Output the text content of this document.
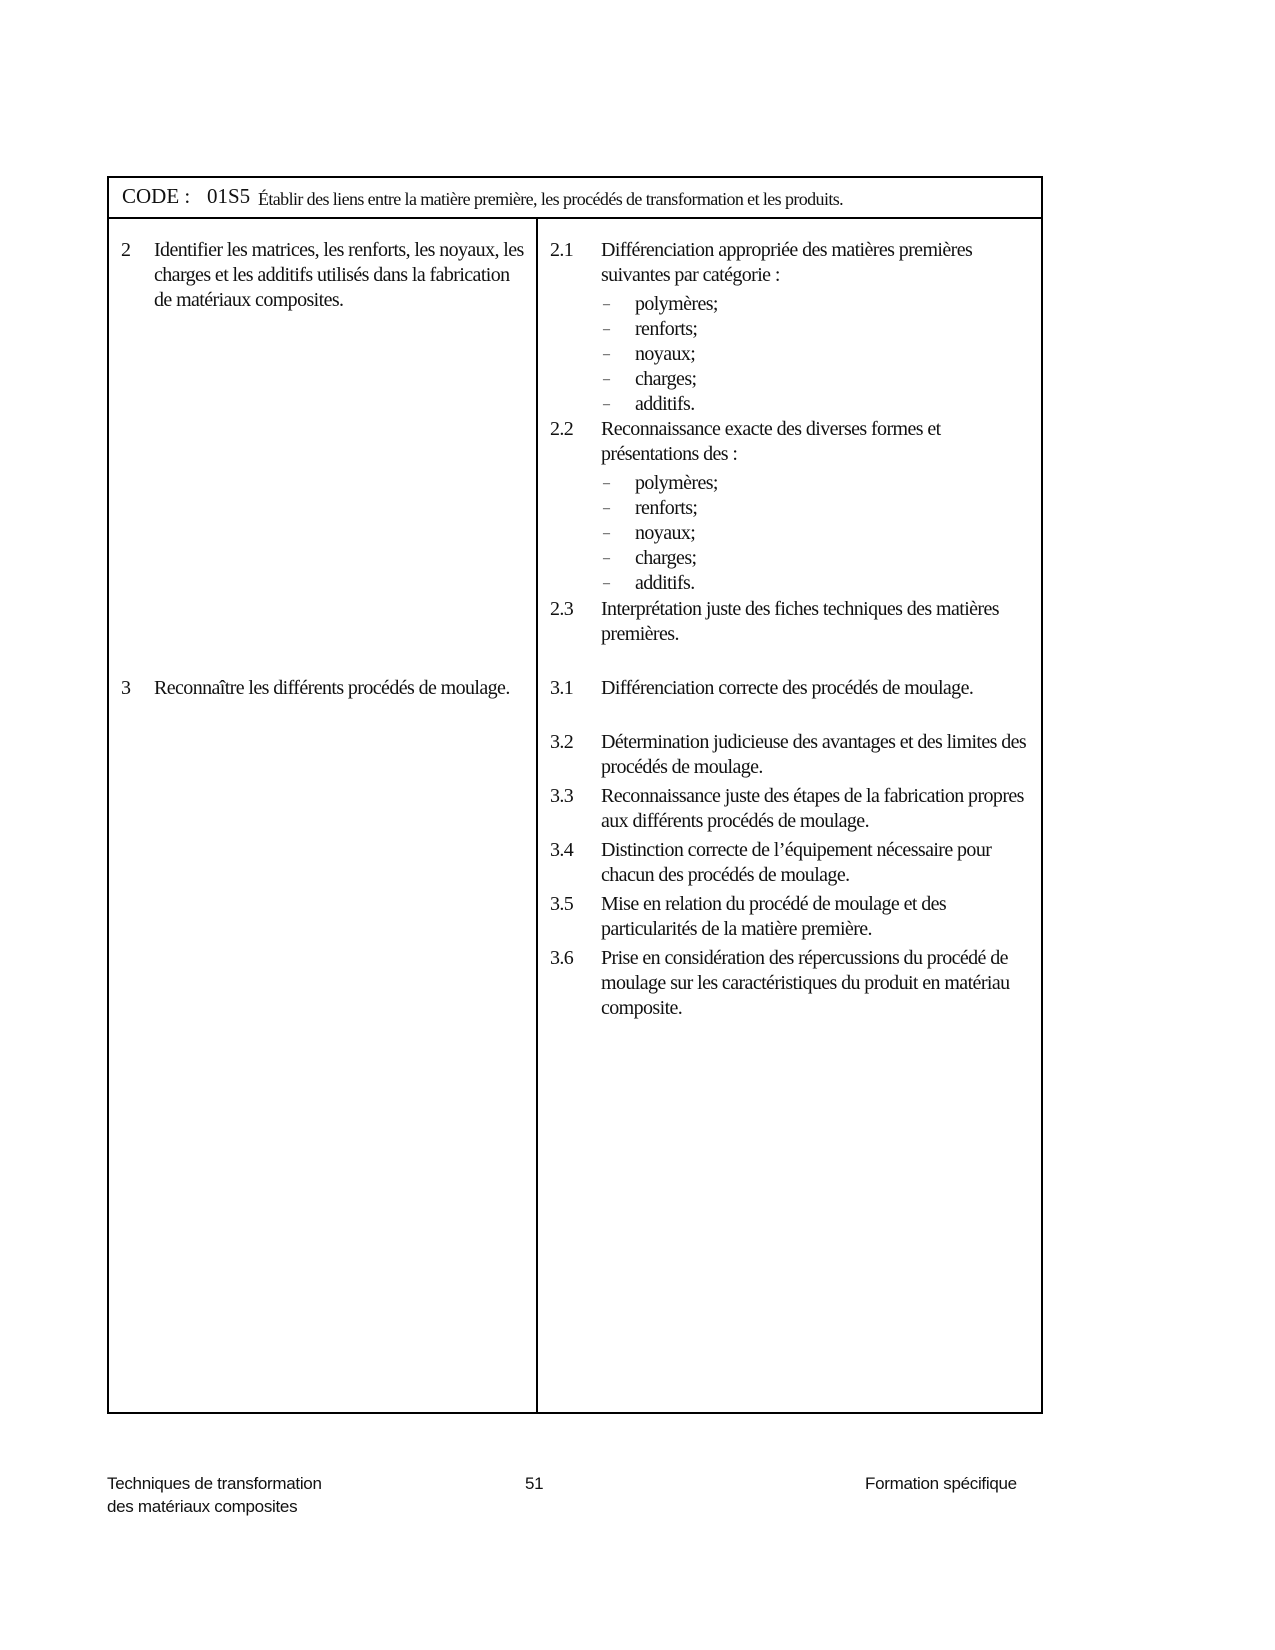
CODE : 01S5 Établir des liens entre la matière première, les procédés de transformation et les produits.
2 Identifier les matrices, les renforts, les noyaux, les charges et les additifs utilisés dans la fabrication de matériaux composites.
2.1 Différenciation appropriée des matières premières suivantes par catégorie :
– polymères;
– renforts;
– noyaux;
– charges;
– additifs.
2.2 Reconnaissance exacte des diverses formes et présentations des :
– polymères;
– renforts;
– noyaux;
– charges;
– additifs.
2.3 Interprétation juste des fiches techniques des matières premières.
3 Reconnaître les différents procédés de moulage.	3.1 Différenciation correcte des procédés de moulage.
3.2 Détermination judicieuse des avantages et des limites des procédés de moulage.
3.3 Reconnaissance juste des étapes de la fabrication propres aux différents procédés de moulage.
3.4 Distinction correcte de l’équipement nécessaire pour chacun des procédés de moulage.
3.5 Mise en relation du procédé de moulage et des particularités de la matière première.
3.6 Prise en considération des répercussions du procédé de moulage sur les caractéristiques du produit en matériau composite.
Techniques de transformation
des matériaux composites
51	Formation spécifique
